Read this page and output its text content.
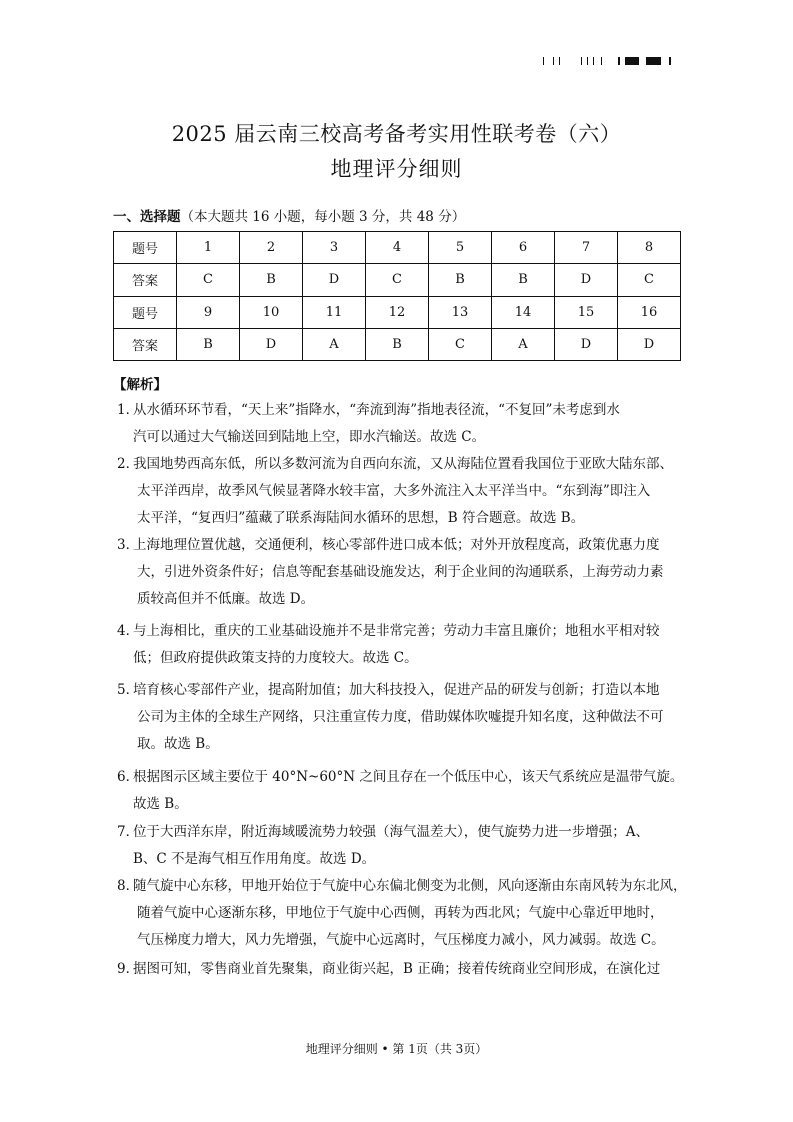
2025 届云南三校高考备考实用性联考卷（六）
地理评分细则
一、选择题（本大题共 16 小题，每小题 3 分，共 48 分）
题号	1	2	3	4	5	6	7	8
答案	C	B	D	C	B	B	D	C
题号	9	10	11	12	13	14	15	16
答案	B	D	A	B	C	A	D	D
【解析】
1．
从水循环环节看，“天上来”指降水，“奔流到海”指地表径流，“不复回”未考虑到水
汽可以通过大气输送回到陆地上空，即水汽输送。故选 C。
2．
我国地势西高东低，所以多数河流为自西向东流，又从海陆位置看我国位于亚欧大陆东部、
太平洋西岸，故季风气候显著降水较丰富，大多外流注入太平洋当中。“东到海”即注入
太平洋，“复西归”蕴藏了联系海陆间水循环的思想，B 符合题意。故选 B。
3．
上海地理位置优越，交通便利，核心零部件进口成本低；对外开放程度高，政策优惠力度
大，引进外资条件好；信息等配套基础设施发达，利于企业间的沟通联系，上海劳动力素
质较高但并不低廉。故选 D。
4．
与上海相比，重庆的工业基础设施并不是非常完善；劳动力丰富且廉价；地租水平相对较
低；但政府提供政策支持的力度较大。故选 C。
5．
培育核心零部件产业，提高附加值；加大科技投入，促进产品的研发与创新；打造以本地
公司为主体的全球生产网络，只注重宣传力度，借助媒体吹嘘提升知名度，这种做法不可
取。故选 B。
6．
根据图示区域主要位于 40°N~60°N 之间且存在一个低压中心，该天气系统应是温带气旋。
故选 B。
7．
位于大西洋东岸，附近海域暖流势力较强（海气温差大），使气旋势力进一步增强；A、
B、C 不是海气相互作用角度。故选 D。
8．
随气旋中心东移，甲地开始位于气旋中心东偏北侧变为北侧，风向逐渐由东南风转为东北风，
随着气旋中心逐渐东移，甲地位于气旋中心西侧，再转为西北风；气旋中心靠近甲地时，
气压梯度力增大，风力先增强，气旋中心远离时，气压梯度力减小，风力减弱。故选 C。
9．
据图可知，零售商业首先聚集，商业街兴起，B 正确；接着传统商业空间形成，在演化过
地理评分细则 • 第 1页（共 3页）
